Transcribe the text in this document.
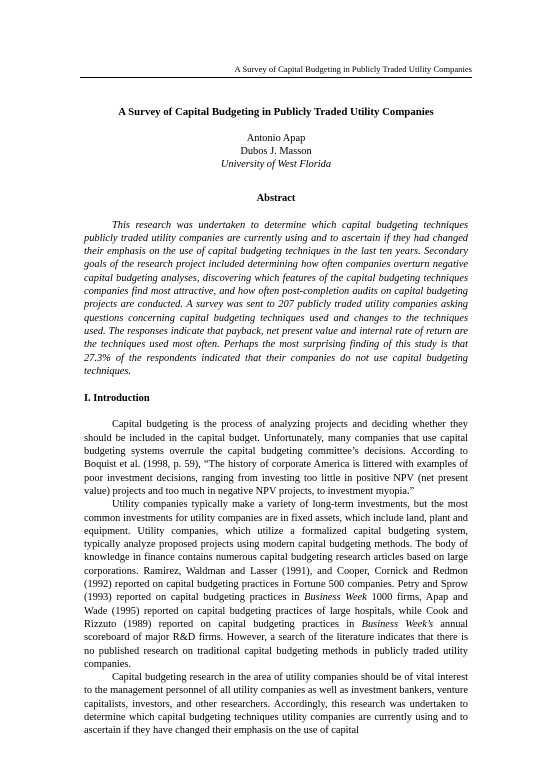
A Survey of Capital Budgeting in Publicly Traded Utility Companies
A Survey of Capital Budgeting in Publicly Traded Utility Companies
Antonio Apap
Dubos J. Masson
University of West Florida
Abstract

This research was undertaken to determine which capital budgeting techniques publicly traded utility companies are currently using and to ascertain if they had changed their emphasis on the use of capital budgeting techniques in the last ten years. Secondary goals of the research project included determining how often companies overturn negative capital budgeting analyses, discovering which features of the capital budgeting techniques companies find most attractive, and how often post-completion audits on capital budgeting projects are conducted. A survey was sent to 207 publicly traded utility companies asking questions concerning capital budgeting techniques used and changes to the techniques used. The responses indicate that payback, net present value and internal rate of return are the techniques used most often. Perhaps the most surprising finding of this study is that 27.3% of the respondents indicated that their companies do not use capital budgeting techniques.

I. Introduction

Capital budgeting is the process of analyzing projects and deciding whether they should be included in the capital budget. Unfortunately, many companies that use capital budgeting systems overrule the capital budgeting committee’s decisions. According to Boquist et al. (1998, p. 59), “The history of corporate America is littered with examples of poor investment decisions, ranging from investing too little in positive NPV (net present value) projects and too much in negative NPV projects, to investment myopia.”

Utility companies typically make a variety of long-term investments, but the most common investments for utility companies are in fixed assets, which include land, plant and equipment. Utility companies, which utilize a formalized capital budgeting system, typically analyze proposed projects using modern capital budgeting methods. The body of knowledge in finance contains numerous capital budgeting research articles based on large corporations. Ramirez, Waldman and Lasser (1991), and Cooper, Cornick and Redmon (1992) reported on capital budgeting practices in Fortune 500 companies. Petry and Sprow (1993) reported on capital budgeting practices in Business Week 1000 firms, Apap and Wade (1995) reported on capital budgeting practices of large hospitals, while Cook and Rizzuto (1989) reported on capital budgeting practices in Business Week’s annual scoreboard of major R&D firms. However, a search of the literature indicates that there is no published research on traditional capital budgeting methods in publicly traded utility companies.

Capital budgeting research in the area of utility companies should be of vital interest to the management personnel of all utility companies as well as investment bankers, venture capitalists, investors, and other researchers. Accordingly, this research was undertaken to determine which capital budgeting techniques utility companies are currently using and to ascertain if they have changed their emphasis on the use of capital
